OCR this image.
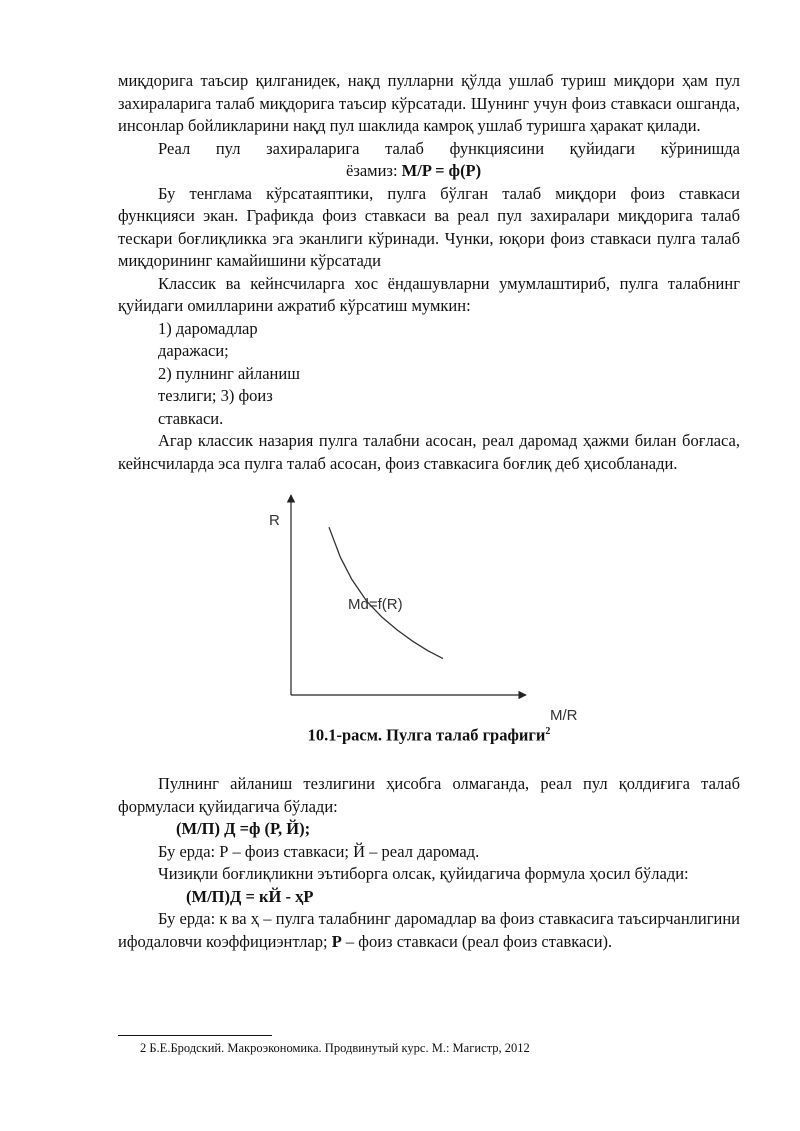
миқдорига таъсир қилганидек, нақд пулларни қўлда ушлаб туриш миқдори ҳам пул захираларига талаб миқдорига таъсир кўрсатади. Шунинг учун фоиз ставкаси ошганда, инсонлар бойликларини нақд пул шаклида камроқ ушлаб туришга ҳаракат қилади.

Реал пул захираларига талаб функциясини қуйидаги кўринишда

ёзамиз: M/P = ф(P)

Бу тенглама кўрсатаяптики, пулга бўлган талаб миқдори фоиз ставкаси функцияси экан. Графикда фоиз ставкаси ва реал пул захиралари миқдорига талаб тескари боғлиқликка эга эканлиги кўринади. Чунки, юқори фоиз ставкаси пулга талаб миқдорининг камайишини кўрсатади

Классик ва кейнсчиларга хос ёндашувларни умумлаштириб, пулга талабнинг қуйидаги омилларини ажратиб кўрсатиш мумкин:

1) даромадлар
даражаси;
2) пулнинг айланиш
тезлиги; 3) фоиз
ставкаси.

Агар классик назария пулга талабни асосан, реал даромад ҳажми билан боғласа, кейнсчиларда эса пулга талаб асосан, фоиз ставкасига боғлиқ деб ҳисобланади.

R
M/R
Md=f(R)

10.1-расм. Пулга талаб графиги$^2$

Пулнинг айланиш тезлигини ҳисобга олмаганда, реал пул қолдиғига талаб формуласи қуйидагича бўлади:

(M/П) Д =ф (Р, Й);

Бу ерда: Р – фоиз ставкаси; Й – реал даромад.

Чизиқли боғлиқликни эътиборга олсак, қуйидагича формула ҳосил бўлади:

(M/П)Д = кЙ - ҳР

Бу ерда: к ва ҳ – пулга талабнинг даромадлар ва фоиз ставкасига таъсирчанлигини ифодаловчи коэффициэнтлар; Р – фоиз ставкаси (реал фоиз ставкаси).

2 Б.Е.Бродский. Макроэкономика. Продвинутый курс. М.: Магистр, 2012
